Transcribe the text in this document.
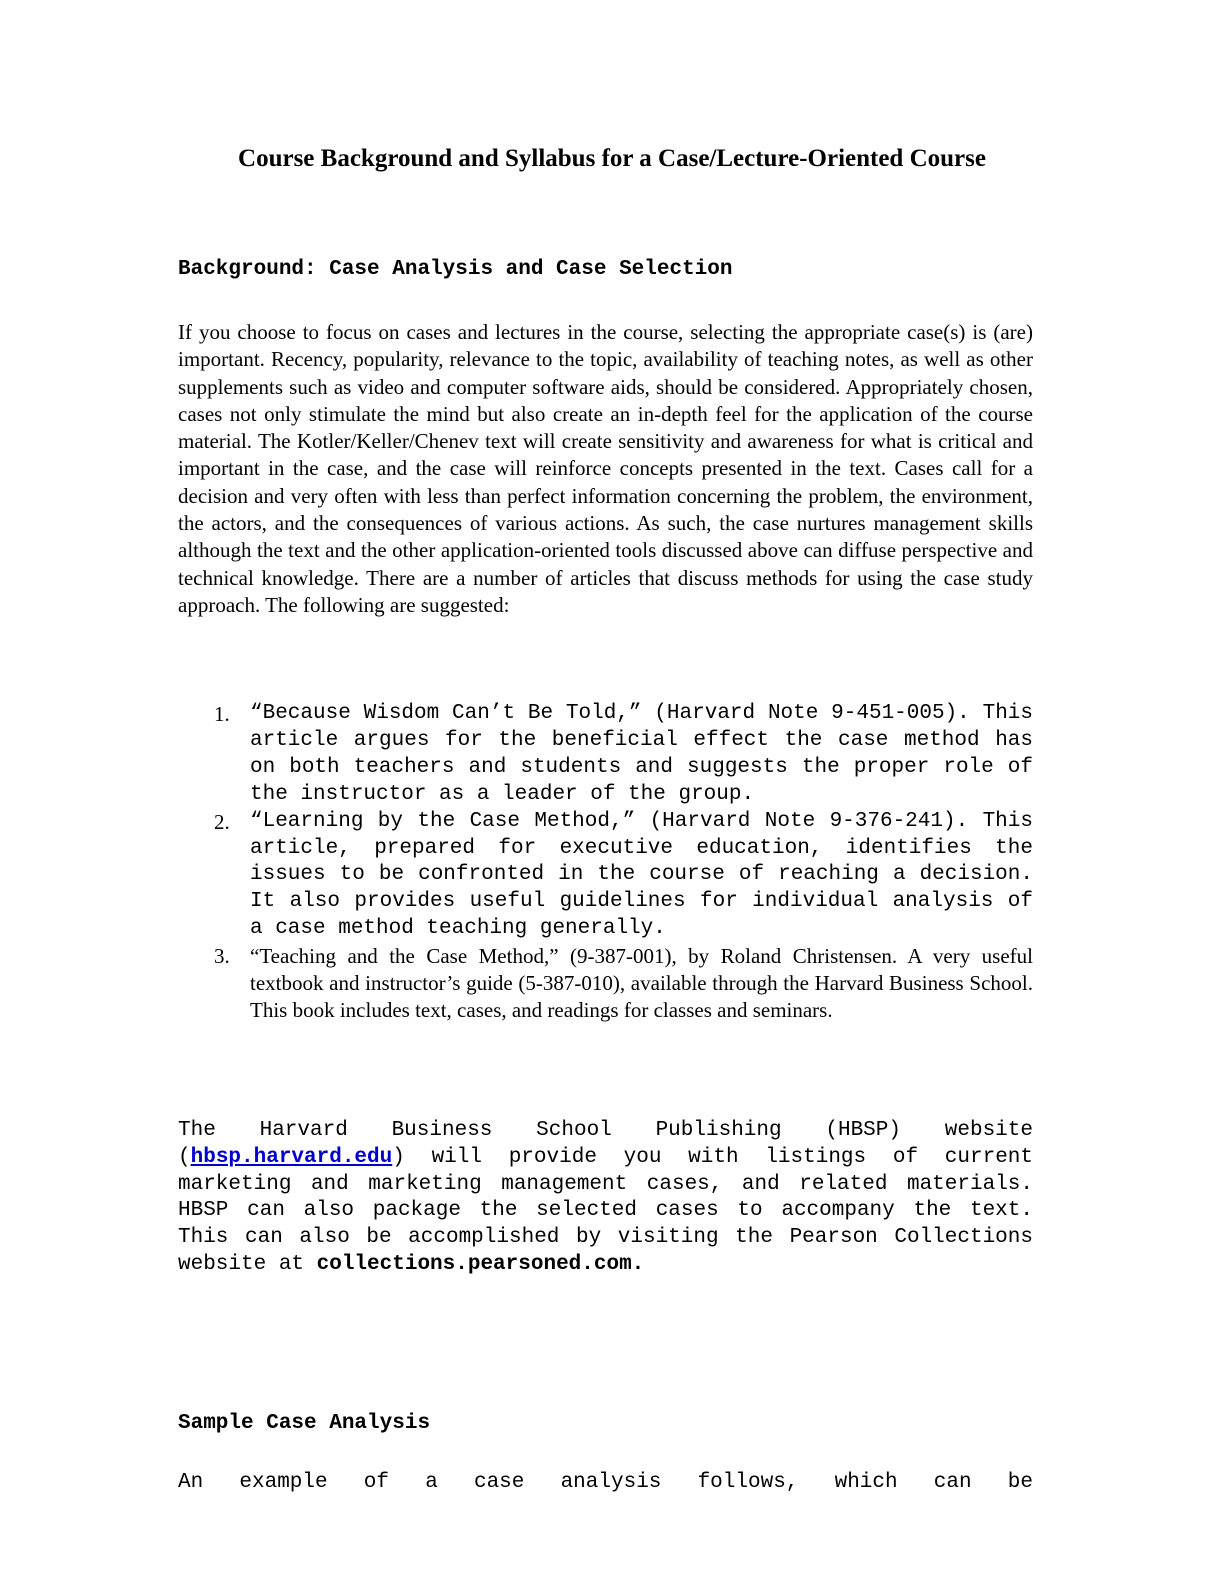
Course Background and Syllabus for a Case/Lecture-Oriented Course
Background: Case Analysis and Case Selection

If you choose to focus on cases and lectures in the course, selecting the appropriate case(s) is (are) important. Recency, popularity, relevance to the topic, availability of teaching notes, as well as other supplements such as video and computer software aids, should be considered. Appropriately chosen, cases not only stimulate the mind but also create an in-depth feel for the application of the course material. The Kotler/Keller/Chenev text will create sensitivity and awareness for what is critical and important in the case, and the case will reinforce concepts presented in the text. Cases call for a decision and very often with less than perfect information concerning the problem, the environment, the actors, and the consequences of various actions. As such, the case nurtures management skills although the text and the other application-oriented tools discussed above can diffuse perspective and technical knowledge. There are a number of articles that discuss methods for using the case study approach. The following are suggested:

1. “Because Wisdom Can’t Be Told,” (Harvard Note 9-451-005). This article argues for the beneficial effect the case method has on both teachers and students and suggests the proper role of the instructor as a leader of the group.
2. “Learning by the Case Method,” (Harvard Note 9-376-241). This article, prepared for executive education, identifies the issues to be confronted in the course of reaching a decision. It also provides useful guidelines for individual analysis of a case method teaching generally.
3. “Teaching and the Case Method,” (9-387-001), by Roland Christensen. A very useful textbook and instructor’s guide (5-387-010), available through the Harvard Business School. This book includes text, cases, and readings for classes and seminars.

The Harvard Business School Publishing (HBSP) website (hbsp.harvard.edu) will provide you with listings of current marketing and marketing management cases, and related materials. HBSP can also package the selected cases to accompany the text. This can also be accomplished by visiting the Pearson Collections website at collections.pearsoned.com.

Sample Case Analysis

An example of a case analysis follows, which can be
